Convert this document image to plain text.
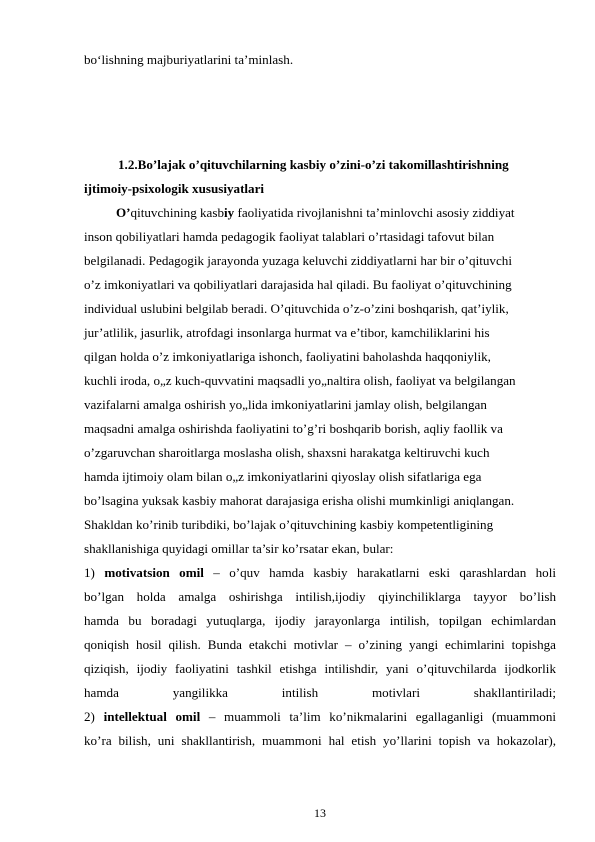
bo‘lishning majburiyatlarini ta’minlash.
1.2.Bo’lajak o’qituvchilarning kasbiy o’zini-o’zi takomillashtirishning
ijtimoiy-psixologik xususiyatlari
O’qituvchining kasbiy faoliyatida rivojlanishni ta’minlovchi asosiy ziddiyat
inson qobiliyatlari hamda pedagogik faoliyat talablari o’rtasidagi tafovut bilan
belgilanadi. Pedagogik jarayonda yuzaga keluvchi ziddiyatlarni har bir o’qituvchi
o’z imkoniyatlari va qobiliyatlari darajasida hal qiladi. Bu faoliyat o’qituvchining
individual uslubini belgilab beradi. O’qituvchida o’z-o’zini boshqarish, qat’iylik,
jur’atlilik, jasurlik, atrofdagi insonlarga hurmat va e’tibor, kamchiliklarini his
qilgan holda o’z imkoniyatlariga ishonch, faoliyatini baholashda haqqoniylik,
kuchli iroda, o„z kuch-quvvatini maqsadli yo„naltira olish, faoliyat va belgilangan
vazifalarni amalga oshirish yo„lida imkoniyatlarini jamlay olish, belgilangan
maqsadni amalga oshirishda faoliyatini to’g’ri boshqarib borish, aqliy faollik va
o’zgaruvchan sharoitlarga moslasha olish, shaxsni harakatga keltiruvchi kuch
hamda ijtimoiy olam bilan o„z imkoniyatlarini qiyoslay olish sifatlariga ega
bo’lsagina yuksak kasbiy mahorat darajasiga erisha olishi mumkinligi aniqlangan.
Shakldan ko’rinib turibdiki, bo’lajak o’qituvchining kasbiy kompetentligining
shakllanishiga quyidagi omillar ta’sir ko’rsatar ekan, bular:
1) motivatsion omil – o’quv hamda kasbiy harakatlarni eski qarashlardan holi
bo’lgan holda amalga oshirishga intilish,ijodiy qiyinchiliklarga tayyor bo’lish
hamda bu boradagi yutuqlarga, ijodiy jarayonlarga intilish, topilgan echimlardan
qoniqish hosil qilish. Bunda etakchi motivlar – o’zining yangi echimlarini topishga
qiziqish, ijodiy faoliyatini tashkil etishga intilishdir, yani o’qituvchilarda ijodkorlik
hamda yangilikka intilish motivlari shakllantiriladi;
2) intellektual omil – muammoli ta’lim ko’nikmalarini egallaganligi (muammoni
ko’ra bilish, uni shakllantirish, muammoni hal etish yo’llarini topish va hokazolar),
13
